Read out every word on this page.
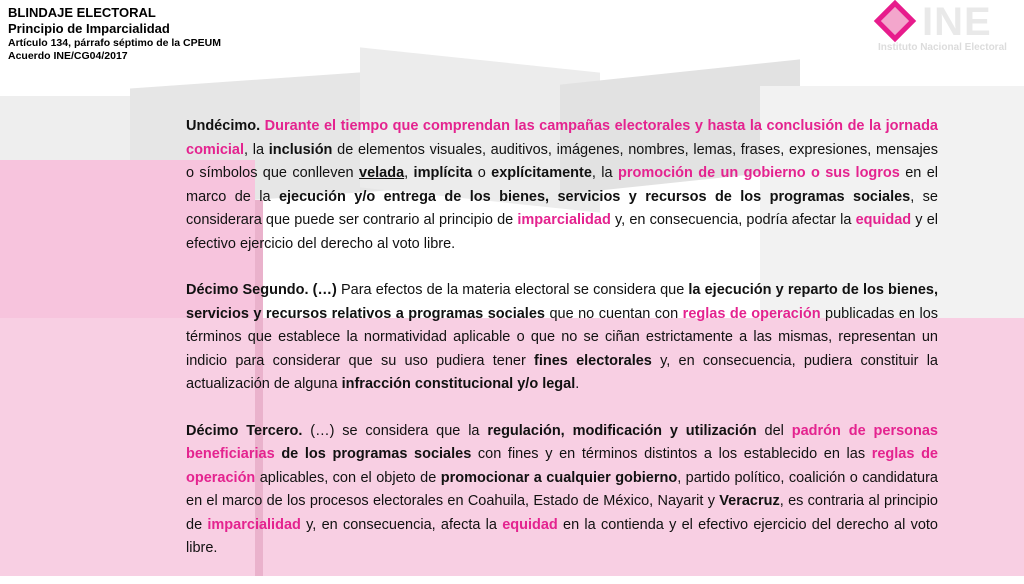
BLINDAJE ELECTORAL
Principio de Imparcialidad
Artículo 134, párrafo séptimo de la CPEUM
Acuerdo INE/CG04/2017
INE
Instituto Nacional Electoral

Undécimo. Durante el tiempo que comprendan las campañas electorales y hasta la conclusión de la jornada comicial, la inclusión de elementos visuales, auditivos, imágenes, nombres, lemas, frases, expresiones, mensajes o símbolos que conlleven velada, implícita o explícitamente, la promoción de un gobierno o sus logros en el marco de la ejecución y/o entrega de los bienes, servicios y recursos de los programas sociales, se considerara que puede ser contrario al principio de imparcialidad y, en consecuencia, podría afectar la equidad y el efectivo ejercicio del derecho al voto libre.

Décimo Segundo. (…) Para efectos de la materia electoral se considera que la ejecución y reparto de los bienes, servicios y recursos relativos a programas sociales que no cuentan con reglas de operación publicadas en los términos que establece la normatividad aplicable o que no se ciñan estrictamente a las mismas, representan un indicio para considerar que su uso pudiera tener fines electorales y, en consecuencia, pudiera constituir la actualización de alguna infracción constitucional y/o legal.

Décimo Tercero. (…) se considera que la regulación, modificación y utilización del padrón de personas beneficiarias de los programas sociales con fines y en términos distintos a los establecido en las reglas de operación aplicables, con el objeto de promocionar a cualquier gobierno, partido político, coalición o candidatura en el marco de los procesos electorales en Coahuila, Estado de México, Nayarit y Veracruz, es contraria al principio de imparcialidad y, en consecuencia, afecta la equidad en la contienda y el efectivo ejercicio del derecho al voto libre.
